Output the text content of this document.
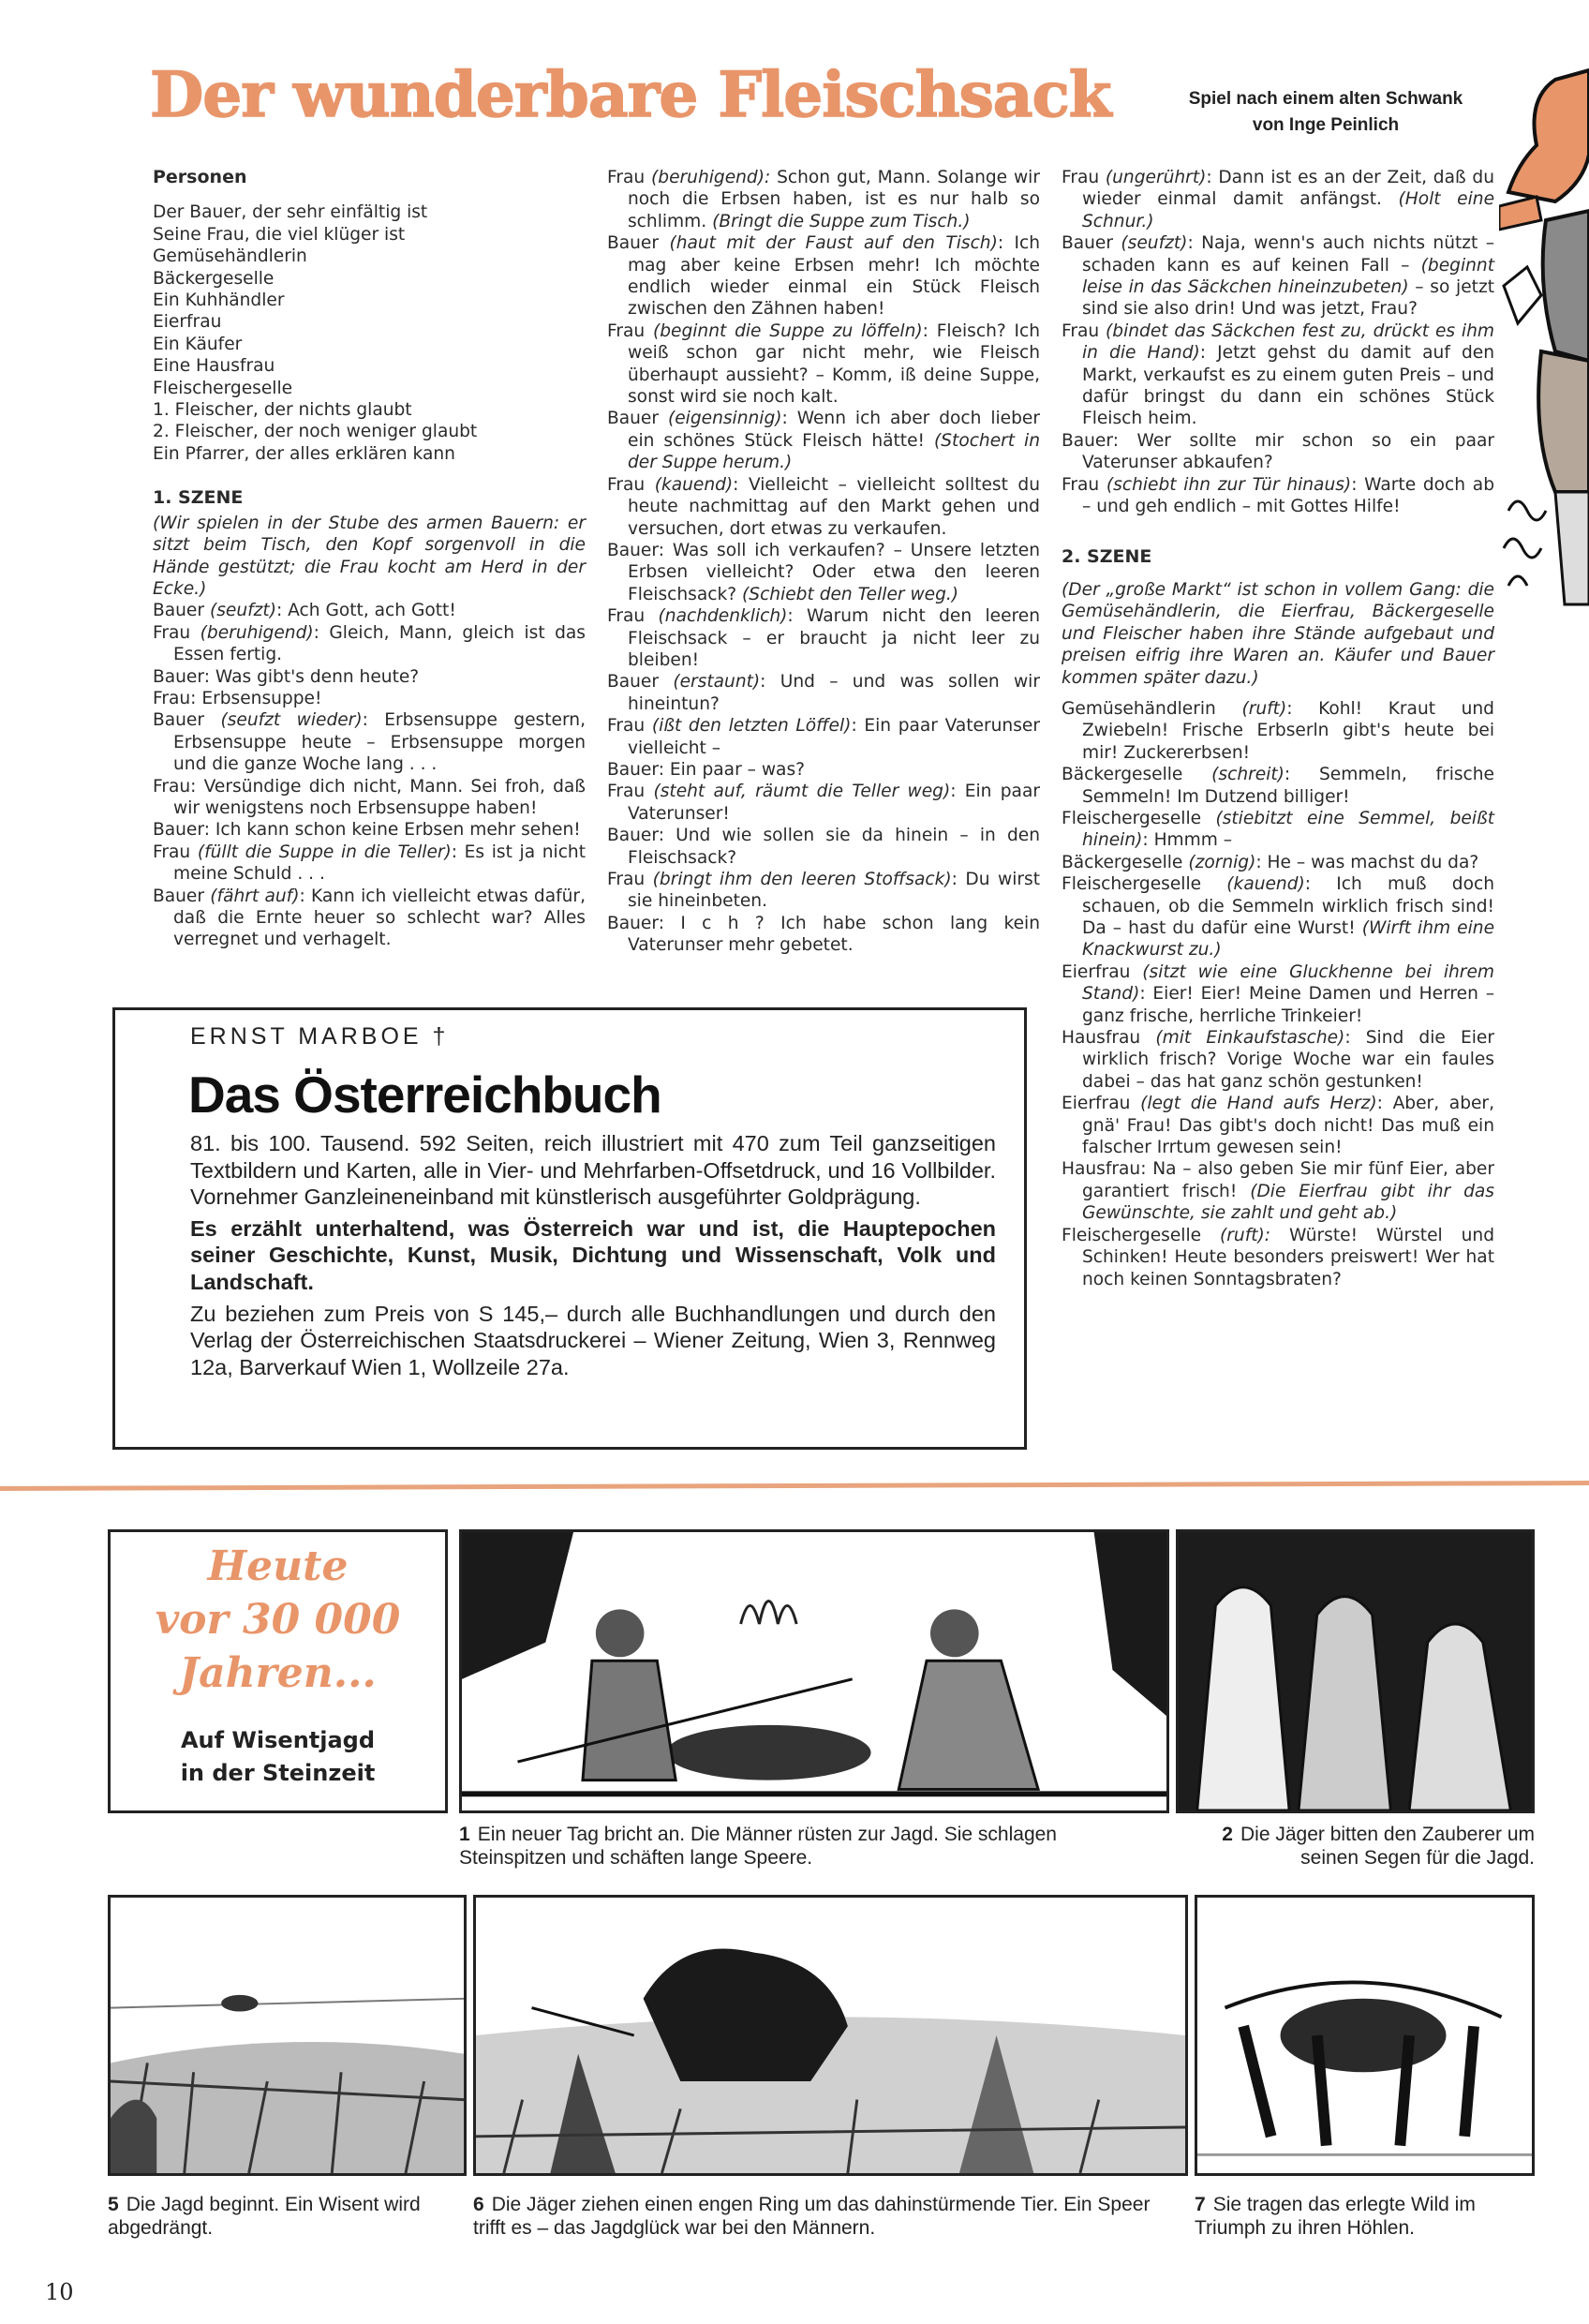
Der wunderbare Fleischsack	Spiel nach einem alten Schwank
von Inge Peinlich
Personen

Der Bauer, der sehr einfältig ist

Seine Frau, die viel klüger ist

Gemüsehändlerin

Bäckergeselle

Ein Kuhhändler

Eierfrau

Ein Käufer

Eine Hausfrau

Fleischergeselle

1. Fleischer, der nichts glaubt

2. Fleischer, der noch weniger glaubt

Ein Pfarrer, der alles erklären kann

1. SZENE

(Wir spielen in der Stube des armen Bauern: er sitzt beim Tisch, den Kopf sorgenvoll in die Hände gestützt; die Frau kocht am Herd in der Ecke.)

Bauer (seufzt): Ach Gott, ach Gott!

Frau (beruhigend): Gleich, Mann, gleich ist das Essen fertig.

Bauer: Was gibt's denn heute?

Frau: Erbsensuppe!

Bauer (seufzt wieder): Erbsensuppe gestern, Erbsensuppe heute – Erbsensuppe morgen und die ganze Woche lang . . .

Frau: Versündige dich nicht, Mann. Sei froh, daß wir wenigstens noch Erbsensuppe haben!

Bauer: Ich kann schon keine Erbsen mehr sehen!

Frau (füllt die Suppe in die Teller): Es ist ja nicht meine Schuld . . .

Bauer (fährt auf): Kann ich vielleicht etwas dafür, daß die Ernte heuer so schlecht war? Alles verregnet und verhagelt.

Frau (beruhigend): Schon gut, Mann. Solange wir noch die Erbsen haben, ist es nur halb so schlimm. (Bringt die Suppe zum Tisch.)

Bauer (haut mit der Faust auf den Tisch): Ich mag aber keine Erbsen mehr! Ich möchte endlich wieder einmal ein Stück Fleisch zwischen den Zähnen haben!

Frau (beginnt die Suppe zu löffeln): Fleisch? Ich weiß schon gar nicht mehr, wie Fleisch überhaupt aussieht? – Komm, iß deine Suppe, sonst wird sie noch kalt.

Bauer (eigensinnig): Wenn ich aber doch lieber ein schönes Stück Fleisch hätte! (Stochert in der Suppe herum.)

Frau (kauend): Vielleicht – vielleicht solltest du heute nachmittag auf den Markt gehen und versuchen, dort etwas zu verkaufen.

Bauer: Was soll ich verkaufen? – Unsere letzten Erbsen vielleicht? Oder etwa den leeren Fleischsack? (Schiebt den Teller weg.)

Frau (nachdenklich): Warum nicht den leeren Fleischsack – er braucht ja nicht leer zu bleiben!

Bauer (erstaunt): Und – und was sollen wir hineintun?

Frau (ißt den letzten Löffel): Ein paar Vaterunser vielleicht –

Bauer: Ein paar – was?

Frau (steht auf, räumt die Teller weg): Ein paar Vaterunser!

Bauer: Und wie sollen sie da hinein – in den Fleischsack?

Frau (bringt ihm den leeren Stoffsack): Du wirst sie hineinbeten.

Bauer: I c h ? Ich habe schon lang kein Vaterunser mehr gebetet.

Frau (ungerührt): Dann ist es an der Zeit, daß du wieder einmal damit anfängst. (Holt eine Schnur.)

Bauer (seufzt): Naja, wenn's auch nichts nützt – schaden kann es auf keinen Fall – (beginnt leise in das Säckchen hineinzubeten) – so jetzt sind sie also drin! Und was jetzt, Frau?

Frau (bindet das Säckchen fest zu, drückt es ihm in die Hand): Jetzt gehst du damit auf den Markt, verkaufst es zu einem guten Preis – und dafür bringst du dann ein schönes Stück Fleisch heim.

Bauer: Wer sollte mir schon so ein paar Vaterunser abkaufen?

Frau (schiebt ihn zur Tür hinaus): Warte doch ab – und geh endlich – mit Gottes Hilfe!

2. SZENE

(Der „große Markt“ ist schon in vollem Gang: die Gemüsehändlerin, die Eierfrau, Bäckergeselle und Fleischer haben ihre Stände aufgebaut und preisen eifrig ihre Waren an. Käufer und Bauer kommen später dazu.)

Gemüsehändlerin (ruft): Kohl! Kraut und Zwiebeln! Frische Erbserln gibt's heute bei mir! Zuckererbsen!

Bäckergeselle (schreit): Semmeln, frische Semmeln! Im Dutzend billiger!

Fleischergeselle (stiebitzt eine Semmel, beißt hinein): Hmmm –

Bäckergeselle (zornig): He – was machst du da?

Fleischergeselle (kauend): Ich muß doch schauen, ob die Semmeln wirklich frisch sind! Da – hast du dafür eine Wurst! (Wirft ihm eine Knackwurst zu.)

Eierfrau (sitzt wie eine Gluckhenne bei ihrem Stand): Eier! Eier! Meine Damen und Herren – ganz frische, herrliche Trinkeier!

Hausfrau (mit Einkaufstasche): Sind die Eier wirklich frisch? Vorige Woche war ein faules dabei – das hat ganz schön gestunken!

Eierfrau (legt die Hand aufs Herz): Aber, aber, gnä' Frau! Das gibt's doch nicht! Das muß ein falscher Irrtum gewesen sein!

Hausfrau: Na – also geben Sie mir fünf Eier, aber garantiert frisch! (Die Eierfrau gibt ihr das Gewünschte, sie zahlt und geht ab.)

Fleischergeselle (ruft): Würste! Würstel und Schinken! Heute besonders preiswert! Wer hat noch keinen Sonntagsbraten?

ERNST MARBOE †
Das Österreichbuch

81. bis 100. Tausend. 592 Seiten, reich illustriert mit 470 zum Teil ganzseitigen Textbildern und Karten, alle in Vier- und Mehrfarben-Offsetdruck, und 16 Vollbilder. Vornehmer Ganzleineneinband mit künstlerisch ausgeführter Goldprägung.

Es erzählt unterhaltend, was Österreich war und ist, die Hauptepochen seiner Geschichte, Kunst, Musik, Dichtung und Wissenschaft, Volk und Landschaft.

Zu beziehen zum Preis von S 145,– durch alle Buchhandlungen und durch den Verlag der Österreichischen Staatsdruckerei – Wiener Zeitung, Wien 3, Rennweg 12a, Barverkauf Wien 1, Wollzeile 27a.

Heute
vor 30 000
Jahren...
Auf Wisentjagd
in der Steinzeit
1 Ein neuer Tag bricht an. Die Männer rüsten zur Jagd. Sie schlagen Steinspitzen und schäften lange Speere.
2 Die Jäger bitten den Zauberer um seinen Segen für die Jagd.
5 Die Jagd beginnt. Ein Wisent wird abgedrängt.
6 Die Jäger ziehen einen engen Ring um das dahinstürmende Tier. Ein Speer trifft es – das Jagdglück war bei den Männern.
7 Sie tragen das erlegte Wild im Triumph zu ihren Höhlen.
10
